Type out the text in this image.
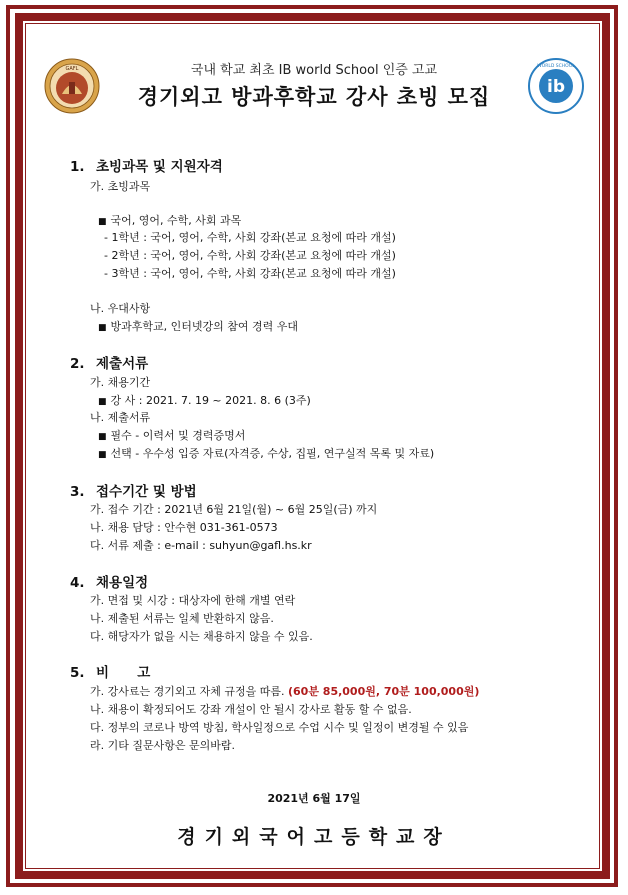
GAFL
ib
WORLD SCHOOL
국내 학교 최초 IB world School 인증 고교
경기외고 방과후학교 강사 초빙 모집
1. 초빙과목 및 지원자격
가. 초빙과목
■ 국어, 영어, 수학, 사회 과목
- 1학년 : 국어, 영어, 수학, 사회 강좌(본교 요청에 따라 개설)
- 2학년 : 국어, 영어, 수학, 사회 강좌(본교 요청에 따라 개설)
- 3학년 : 국어, 영어, 수학, 사회 강좌(본교 요청에 따라 개설)
나. 우대사항
■ 방과후학교, 인터넷강의 참여 경력 우대
2. 제출서류
가. 채용기간
■ 강 사 : 2021. 7. 19 ~ 2021. 8. 6 (3주)
나. 제출서류
■ 필수 - 이력서 및 경력증명서
■ 선택 - 우수성 입증 자료(자격증, 수상, 집필, 연구실적 목록 및 자료)
3. 접수기간 및 방법
가. 접수 기간 : 2021년 6월 21일(월) ~ 6월 25일(금) 까지
나. 채용 담당 : 안수현 031-361-0573
다. 서류 제출 : e-mail : suhyun@gafl.hs.kr
4. 채용일정
가. 면접 및 시강 : 대상자에 한해 개별 연락
나. 제출된 서류는 일체 반환하지 않음.
다. 해당자가 없을 시는 채용하지 않을 수 있음.
5. 비      고
가. 강사료는 경기외고 자체 규정을 따름. (60분 85,000원, 70분 100,000원)
나. 채용이 확정되어도 강좌 개설이 안 될시 강사로 활동 할 수 없음.
다. 정부의 코로나 방역 방침, 학사일정으로 수업 시수 및 일정이 변경될 수 있음
라. 기타 질문사항은 문의바람.
2021년 6월 17일
경기외국어고등학교장
